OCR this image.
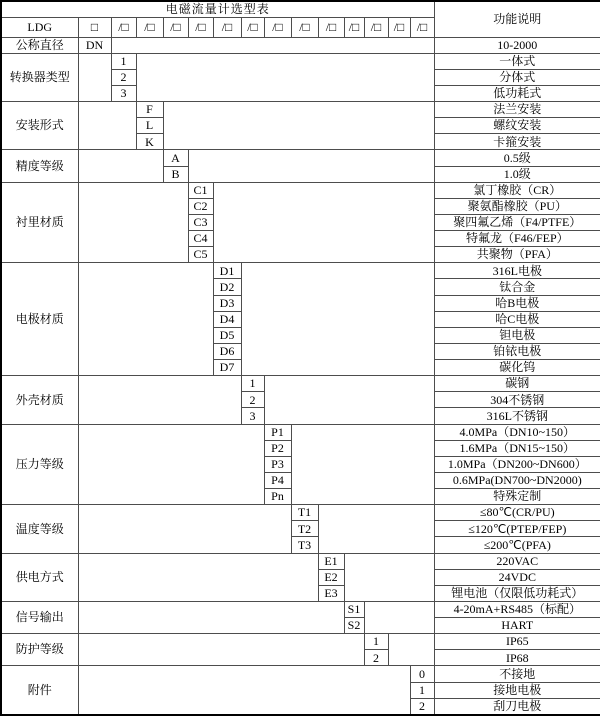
电磁流量计选型表															功能说明
LDG	□	/□	/□	/□	/□	/□	/□	/□	/□	/□	/□	/□	/□	/□	
公称直径	DN														10-2000
转换器类型		1													一体式
		2													分体式
		3													低功耗式
安装形式			F												法兰安装
			L												螺纹安装
			K												卡箍安装
精度等级				A											0.5级
				B											1.0级
衬里材质					C1										氯丁橡胶（CR）
					C2										聚氨酯橡胶（PU）
					C3										聚四氟乙烯（F4/PTFE）
					C4										特氟龙（F46/FEP）
					C5										共聚物（PFA）
电极材质						D1									316L电极
						D2									钛合金
						D3									哈B电极
						D4									哈C电极
						D5									钽电极
						D6									铂铱电极
						D7									碳化钨
外壳材质							1								碳钢
							2								304不锈钢
							3								316L不锈钢
压力等级								P1							4.0MPa（DN10~150）
								P2							1.6MPa（DN15~150）
								P3							1.0MPa（DN200~DN600）
								P4							0.6MPa(DN700~DN2000)
								Pn							特殊定制
温度等级									T1						≤80℃(CR/PU)
									T2						≤120℃(PTEP/FEP)
									T3						≤200℃(PFA)
供电方式										E1					220VAC
										E2					24VDC
										E3					锂电池（仅限低功耗式）
信号输出											S1				4-20mA+RS485（标配）
											S2				HART
防护等级												1			IP65
												2			IP68
附件														0	不接地
														1	接地电极
														2	刮刀电极
